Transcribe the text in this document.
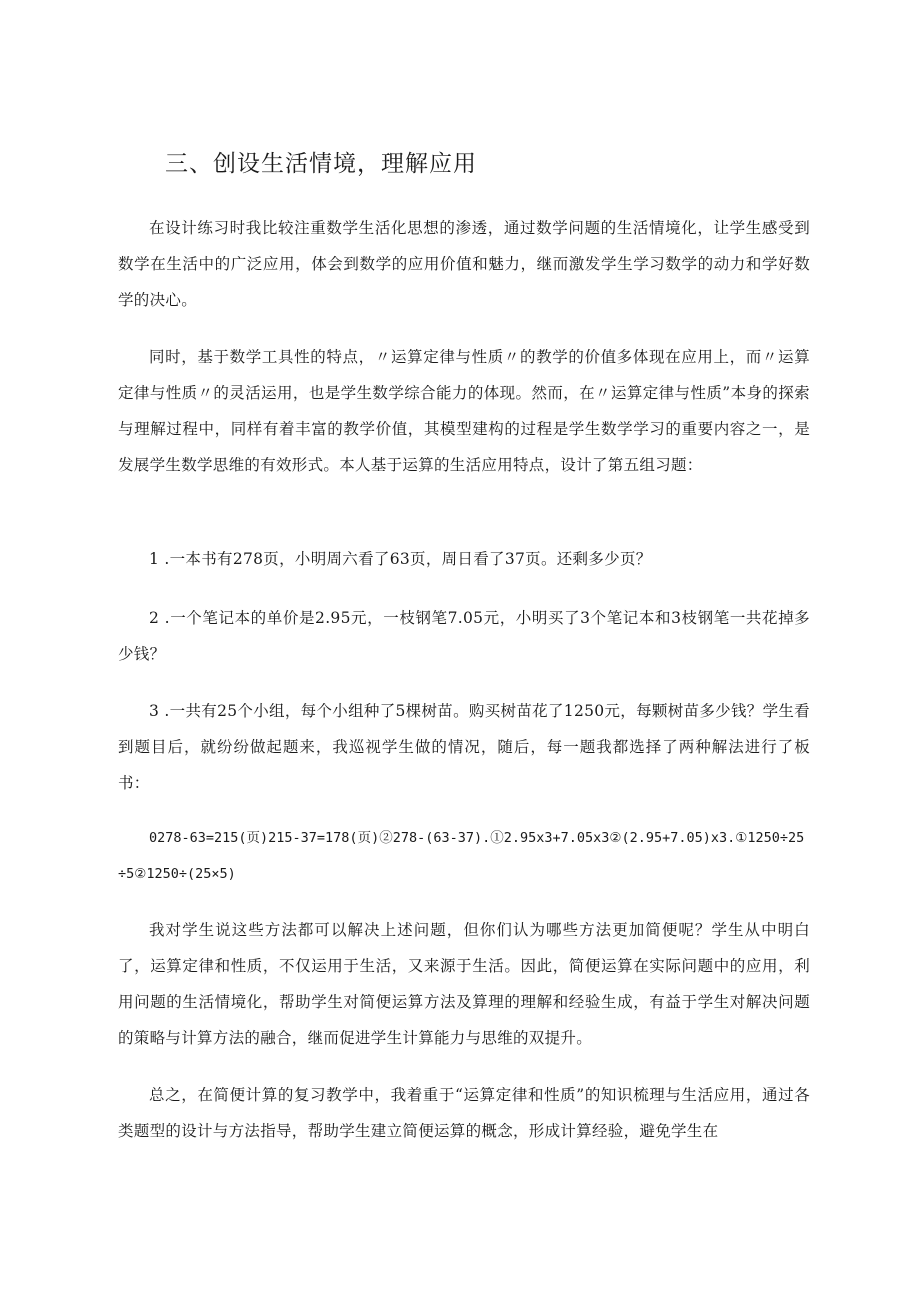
三、创设生活情境，理解应用

在设计练习时我比较注重数学生活化思想的渗透，通过数学问题的生活情境化，让学生感受到数学在生活中的广泛应用，体会到数学的应用价值和魅力，继而激发学生学习数学的动力和学好数学的决心。

同时，基于数学工具性的特点，〃运算定律与性质〃的教学的价值多体现在应用上，而〃运算定律与性质〃的灵活运用，也是学生数学综合能力的体现。然而，在〃运算定律与性质”本身的探索与理解过程中，同样有着丰富的教学价值，其模型建构的过程是学生数学学习的重要内容之一，是发展学生数学思维的有效形式。本人基于运算的生活应用特点，设计了第五组习题：

1 .一本书有278页，小明周六看了63页，周日看了37页。还剩多少页？

2 .一个笔记本的单价是2.95元，一枝钢笔7.05元，小明买了3个笔记本和3枝钢笔一共花掉多少钱？

3 .一共有25个小组，每个小组种了5棵树苗。购买树苗花了1250元，每颗树苗多少钱？学生看到题目后，就纷纷做起题来，我巡视学生做的情况，随后，每一题我都选择了两种解法进行了板书：

0278-63=215(页)215-37=178(页)②278-(63-37).①2.95x3+7.05x3②(2.95+7.05)x3.①1250÷25÷5②1250÷(25×5)

我对学生说这些方法都可以解决上述问题，但你们认为哪些方法更加简便呢？学生从中明白了，运算定律和性质，不仅运用于生活，又来源于生活。因此，简便运算在实际问题中的应用，利用问题的生活情境化，帮助学生对简便运算方法及算理的理解和经验生成，有益于学生对解决问题的策略与计算方法的融合，继而促进学生计算能力与思维的双提升。

总之，在简便计算的复习教学中，我着重于“运算定律和性质”的知识梳理与生活应用，通过各类题型的设计与方法指导，帮助学生建立简便运算的概念，形成计算经验，避免学生在
